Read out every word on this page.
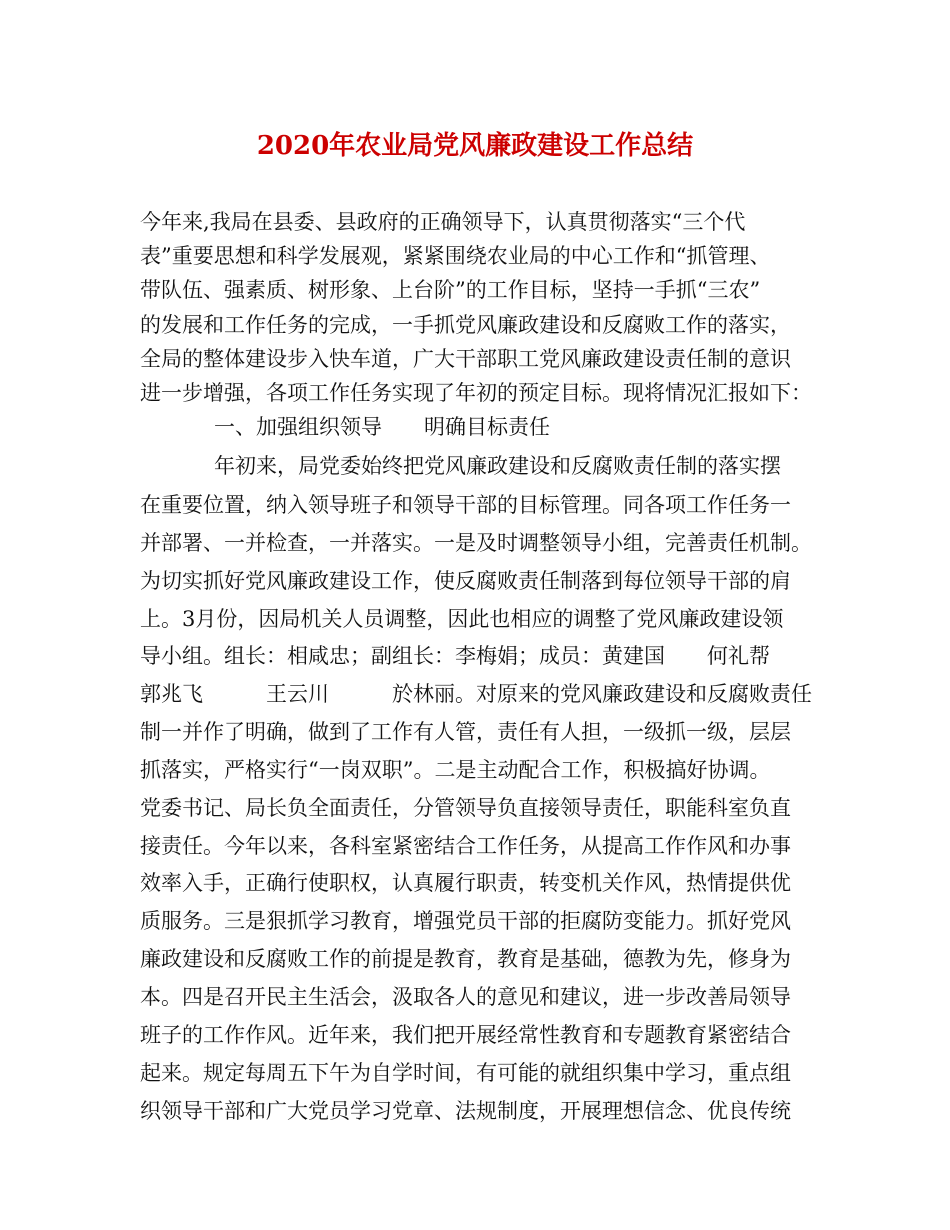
2020年农业局党风廉政建设工作总结
今年来,我局在县委、县政府的正确领导下，认真贯彻落实“三个代
表”重要思想和科学发展观，紧紧围绕农业局的中心工作和“抓管理、
带队伍、强素质、树形象、上台阶”的工作目标，坚持一手抓“三农”
的发展和工作任务的完成，一手抓党风廉政建设和反腐败工作的落实，
全局的整体建设步入快车道，广大干部职工党风廉政建设责任制的意识
进一步增强，各项工作任务实现了年初的预定目标。现将情况汇报如下：
一、加强组织领导　　明确目标责任
年初来，局党委始终把党风廉政建设和反腐败责任制的落实摆
在重要位置，纳入领导班子和领导干部的目标管理。同各项工作任务一
并部署、一并检查，一并落实。一是及时调整领导小组，完善责任机制。
为切实抓好党风廉政建设工作，使反腐败责任制落到每位领导干部的肩
上。3月份，因局机关人员调整，因此也相应的调整了党风廉政建设领
导小组。组长：相咸忠；副组长：李梅娟；成员：黄建国　　何礼帮
郭兆飞　　　王云川　　　於林丽。对原来的党风廉政建设和反腐败责任
制一并作了明确，做到了工作有人管，责任有人担，一级抓一级，层层
抓落实，严格实行“一岗双职”。二是主动配合工作，积极搞好协调。
党委书记、局长负全面责任，分管领导负直接领导责任，职能科室负直
接责任。今年以来，各科室紧密结合工作任务，从提高工作作风和办事
效率入手，正确行使职权，认真履行职责，转变机关作风，热情提供优
质服务。三是狠抓学习教育，增强党员干部的拒腐防变能力。抓好党风
廉政建设和反腐败工作的前提是教育，教育是基础，德教为先，修身为
本。四是召开民主生活会，汲取各人的意见和建议，进一步改善局领导
班子的工作作风。近年来，我们把开展经常性教育和专题教育紧密结合
起来。规定每周五下午为自学时间，有可能的就组织集中学习，重点组
织领导干部和广大党员学习党章、法规制度，开展理想信念、优良传统
